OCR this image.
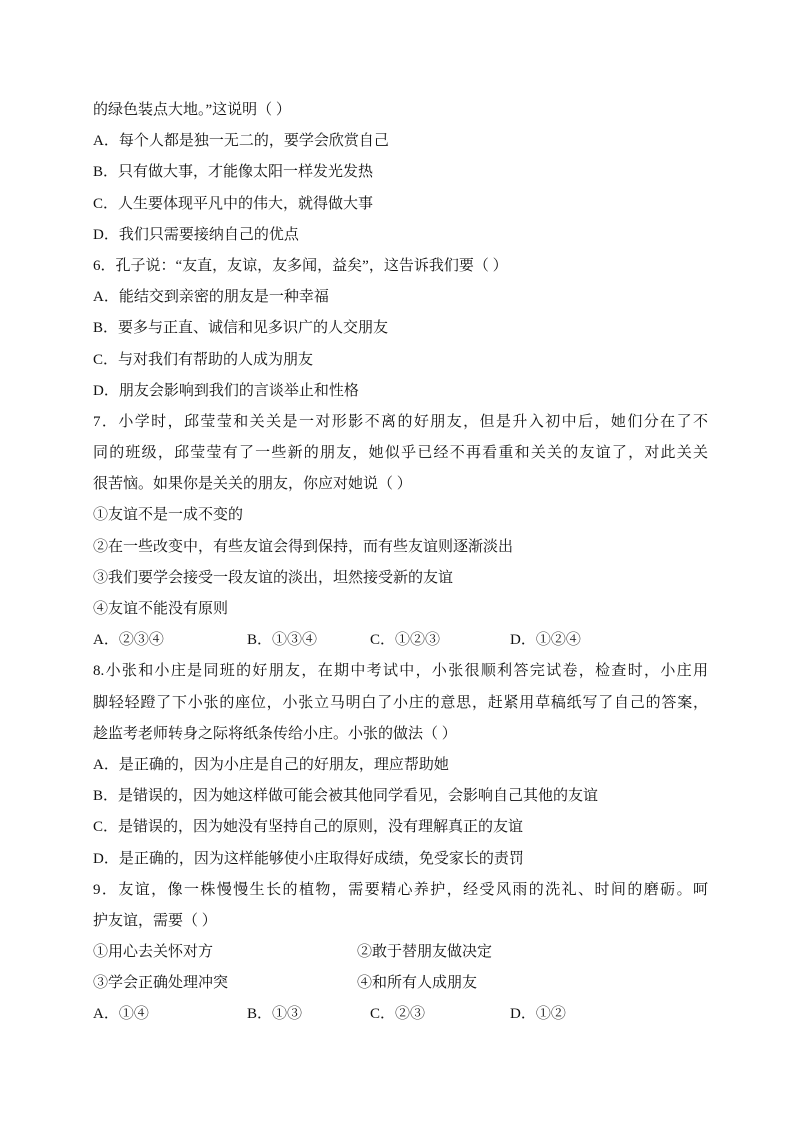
的绿色装点大地。”这说明（ ）
A．每个人都是独一无二的，要学会欣赏自己
B．只有做大事，才能像太阳一样发光发热
C．人生要体现平凡中的伟大，就得做大事
D．我们只需要接纳自己的优点
6．孔子说：“友直，友谅，友多闻，益矣”，这告诉我们要（ ）
A．能结交到亲密的朋友是一种幸福
B．要多与正直、诚信和见多识广的人交朋友
C．与对我们有帮助的人成为朋友
D．朋友会影响到我们的言谈举止和性格
7．小学时，邱莹莹和关关是一对形影不离的好朋友，但是升入初中后，她们分在了不
同的班级，邱莹莹有了一些新的朋友，她似乎已经不再看重和关关的友谊了，对此关关
很苦恼。如果你是关关的朋友，你应对她说（ ）
①友谊不是一成不变的
②在一些改变中，有些友谊会得到保持，而有些友谊则逐渐淡出
③我们要学会接受一段友谊的淡出，坦然接受新的友谊
④友谊不能没有原则
A．②③④	B．①③④	C．①②③	D．①②④
8.小张和小庄是同班的好朋友，在期中考试中，小张很顺利答完试卷，检查时，小庄用
脚轻轻蹬了下小张的座位，小张立马明白了小庄的意思，赶紧用草稿纸写了自己的答案，
趁监考老师转身之际将纸条传给小庄。小张的做法（ ）
A．是正确的，因为小庄是自己的好朋友，理应帮助她
B．是错误的，因为她这样做可能会被其他同学看见，会影响自己其他的友谊
C．是错误的，因为她没有坚持自己的原则，没有理解真正的友谊
D．是正确的，因为这样能够使小庄取得好成绩，免受家长的责罚
9．友谊，像一株慢慢生长的植物，需要精心养护，经受风雨的洗礼、时间的磨砺。呵
护友谊，需要（ ）
①用心去关怀对方	②敢于替朋友做决定
③学会正确处理冲突	④和所有人成朋友
A．①④	B．①③	C．②③	D．①②
